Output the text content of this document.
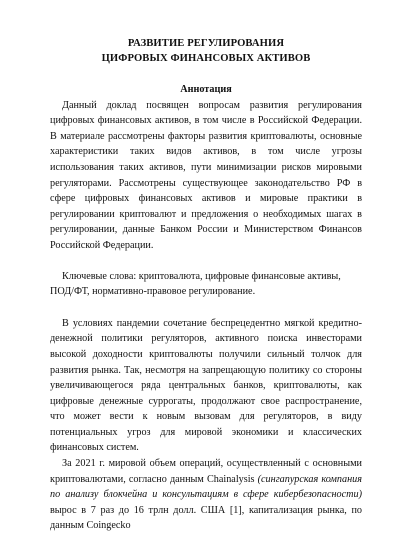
РАЗВИТИЕ РЕГУЛИРОВАНИЯ

ЦИФРОВЫХ ФИНАНСОВЫХ АКТИВОВ

Аннотация

Данный доклад посвящен вопросам развития регулирования цифровых финансовых активов, в том числе в Российской Федерации. В материале рассмотрены факторы развития криптовалюты, основные характеристики таких видов активов, в том числе угрозы использования таких активов, пути минимизации рисков мировыми регуляторами. Рассмотрены существующее законодательство РФ в сфере цифровых финансовых активов и мировые практики в регулировании криптовалют и предложения о необходимых шагах в регулировании, данные Банком России и Министерством Финансов Российской Федерации.

Ключевые слова: криптовалюта, цифровые финансовые активы, ПОД/ФТ, нормативно-правовое регулирование.

В условиях пандемии сочетание беспрецедентно мягкой кредитно-денежной политики регуляторов, активного поиска инвесторами высокой доходности криптовалюты получили сильный толчок для развития рынка. Так, несмотря на запрещающую политику со стороны увеличивающегося ряда центральных банков, криптовалюты, как цифровые денежные суррогаты, продолжают свое распространение, что может вести к новым вызовам для регуляторов, в виду потенциальных угроз для мировой экономики и классических финансовых систем.

За 2021 г. мировой объем операций, осуществленный с основными криптовалютами, согласно данным Chainalysis (сингапурская компания по анализу блокчейна и консультациям в сфере кибербезопасности) вырос в 7 раз до 16 трлн долл. США [1], капитализация рынка, по данным Coingecko
